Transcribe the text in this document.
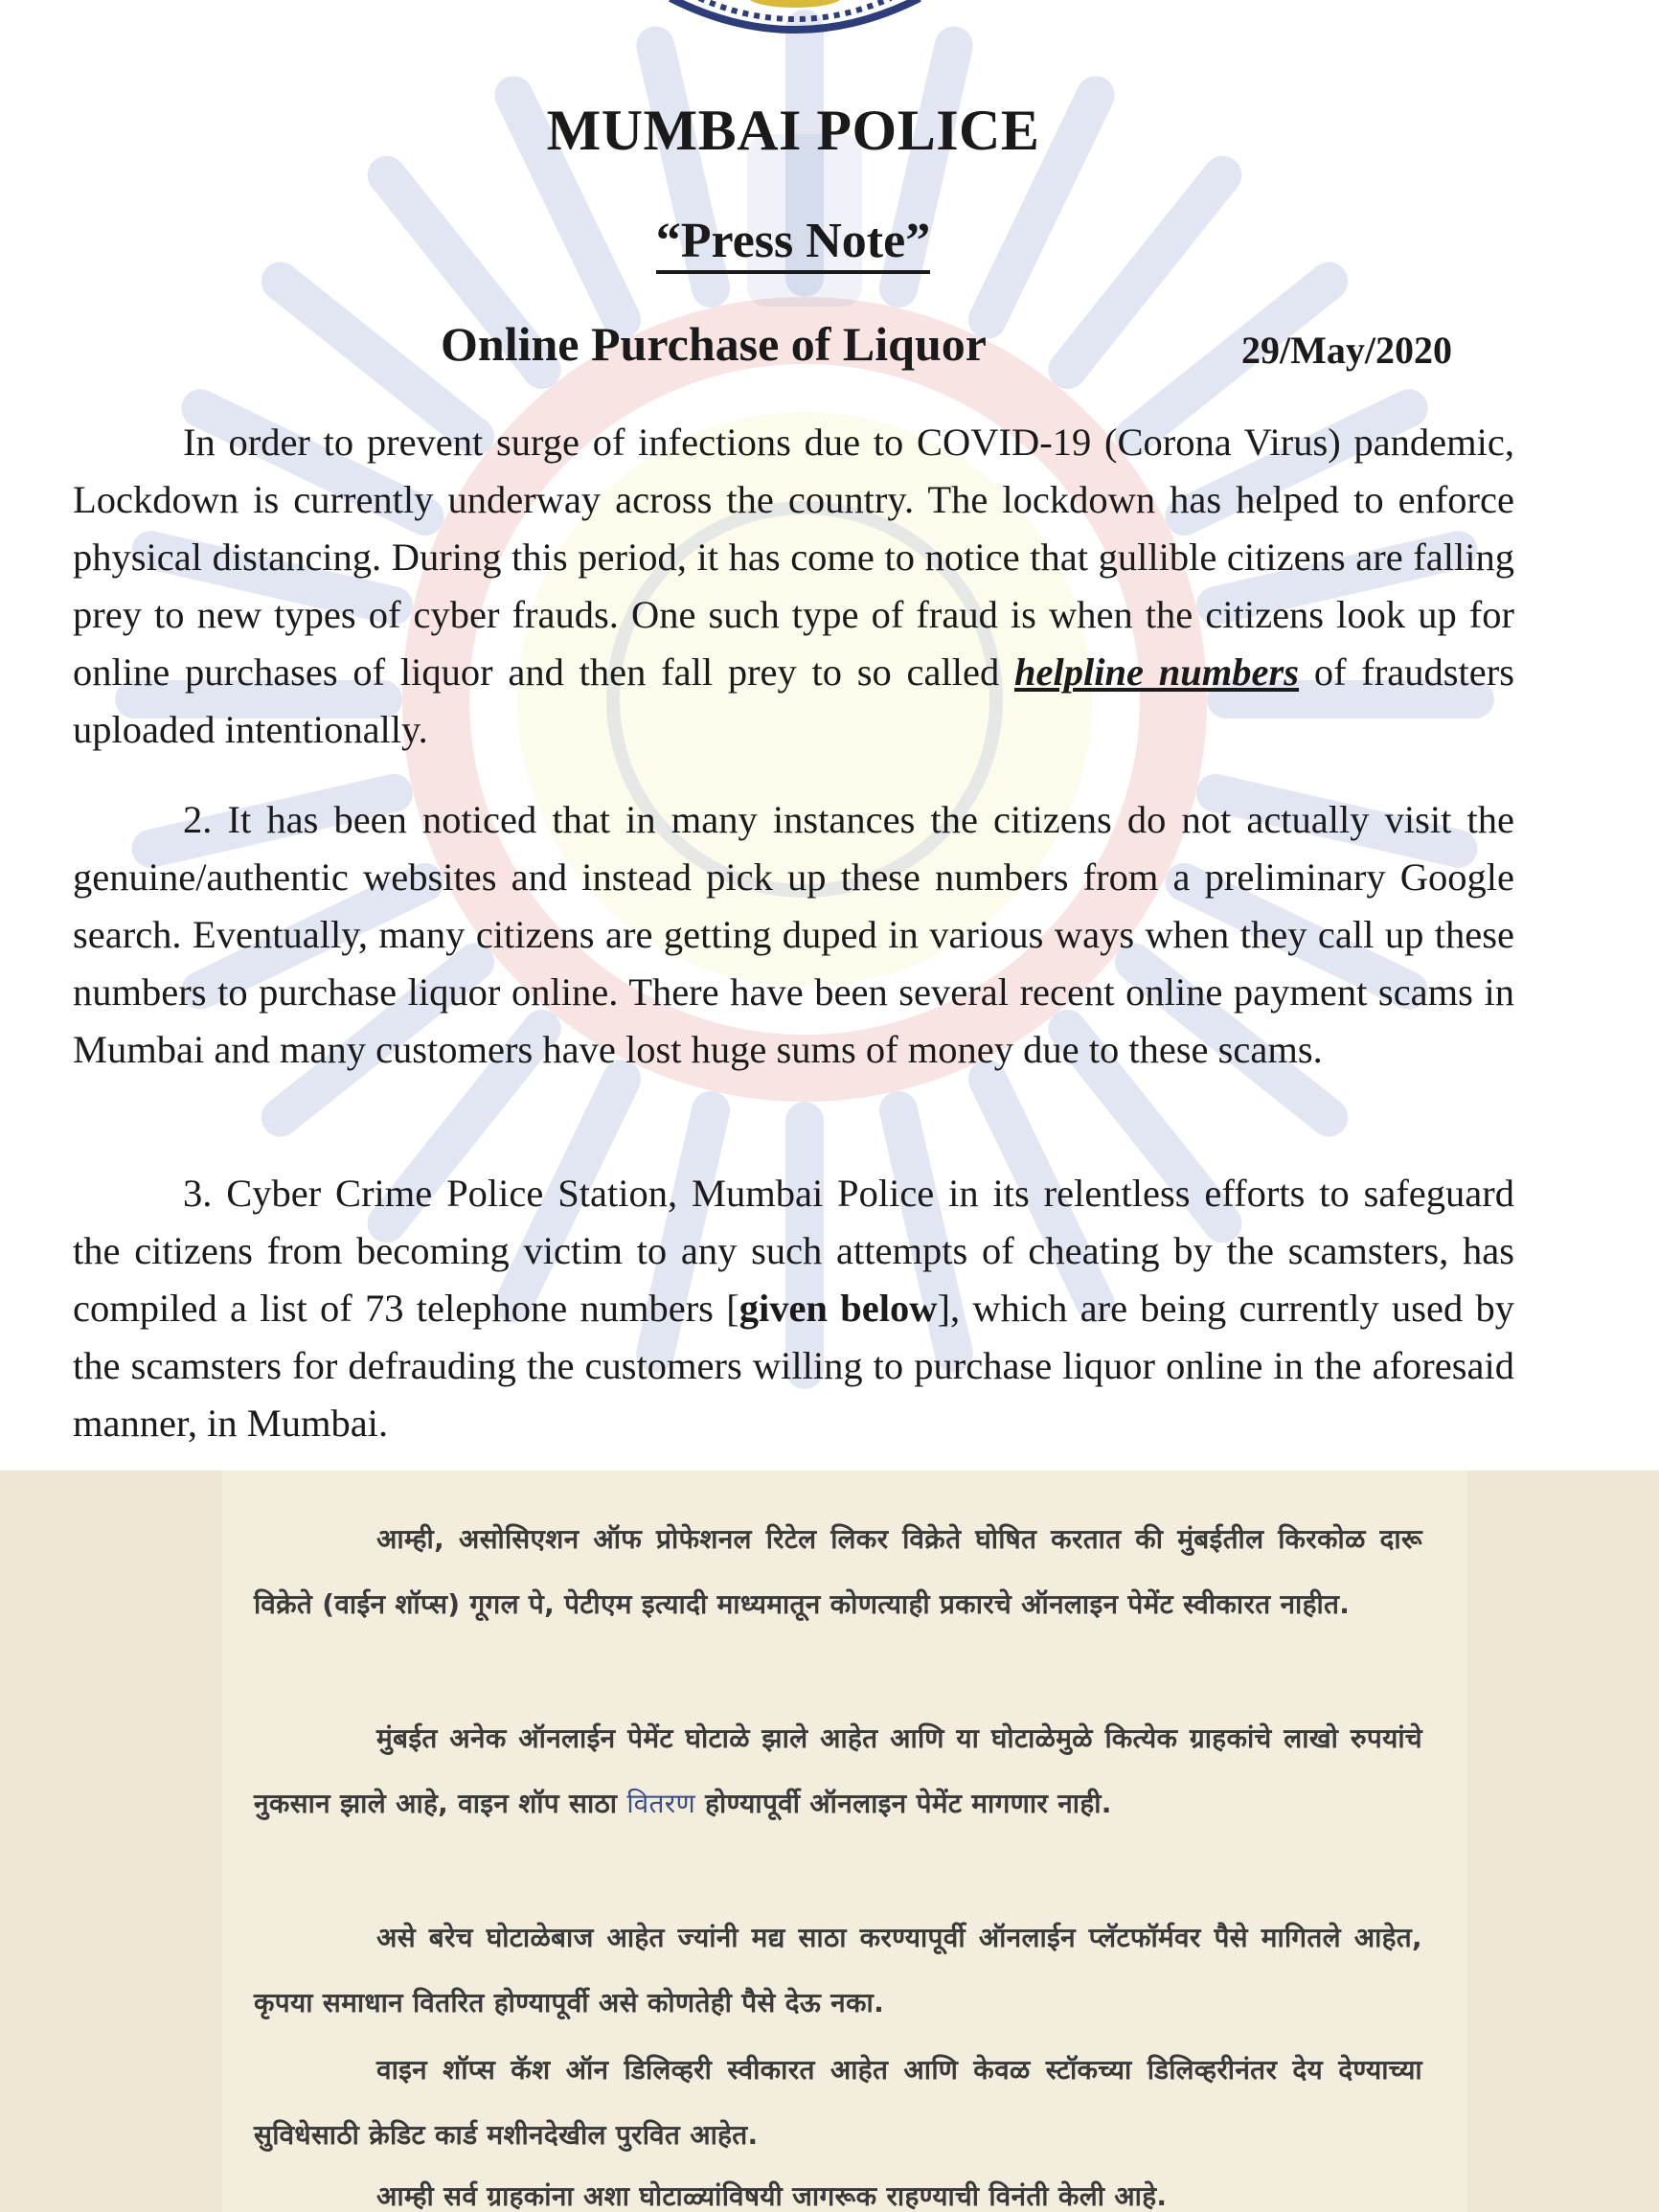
MUMBAI POLICE
“Press Note”
Online Purchase of Liquor	29/May/2020

In order to prevent surge of infections due to COVID-19 (Corona Virus) pandemic, Lockdown is currently underway across the country. The lockdown has helped to enforce physical distancing. During this period, it has come to notice that gullible citizens are falling prey to new types of cyber frauds. One such type of fraud is when the citizens look up for online purchases of liquor and then fall prey to so called helpline numbers of fraudsters uploaded intentionally.

2. It has been noticed that in many instances the citizens do not actually visit the genuine/authentic websites and instead pick up these numbers from a preliminary Google search. Eventually, many citizens are getting duped in various ways when they call up these numbers to purchase liquor online. There have been several recent online payment scams in Mumbai and many customers have lost huge sums of money due to these scams.

3. Cyber Crime Police Station, Mumbai Police in its relentless efforts to safeguard the citizens from becoming victim to any such attempts of cheating by the scamsters, has compiled a list of 73 telephone numbers [given below], which are being currently used by the scamsters for defrauding the customers willing to purchase liquor online in the aforesaid manner, in Mumbai.

आम्ही, असोसिएशन ऑफ प्रोफेशनल रिटेल लिकर विक्रेते घोषित करतात की मुंबईतील किरकोळ दारू विक्रेते (वाईन शॉप्स) गूगल पे, पेटीएम इत्यादी माध्यमातून कोणत्याही प्रकारचे ऑनलाइन पेमेंट स्वीकारत नाहीत.

मुंबईत अनेक ऑनलाईन पेमेंट घोटाळे झाले आहेत आणि या घोटाळेमुळे कित्येक ग्राहकांचे लाखो रुपयांचे नुकसान झाले आहे, वाइन शॉप साठा वितरण होण्यापूर्वी ऑनलाइन पेमेंट मागणार नाही.

असे बरेच घोटाळेबाज आहेत ज्यांनी मद्य साठा करण्यापूर्वी ऑनलाईन प्लॅटफॉर्मवर पैसे मागितले आहेत, कृपया समाधान वितरित होण्यापूर्वी असे कोणतेही पैसे देऊ नका.

वाइन शॉप्स कॅश ऑन डिलिव्हरी स्वीकारत आहेत आणि केवळ स्टॉकच्या डिलिव्हरीनंतर देय देण्याच्या सुविधेसाठी क्रेडिट कार्ड मशीनदेखील पुरवित आहेत.

आम्ही सर्व ग्राहकांना अशा घोटाळ्यांविषयी जागरूक राहण्याची विनंती केली आहे.
